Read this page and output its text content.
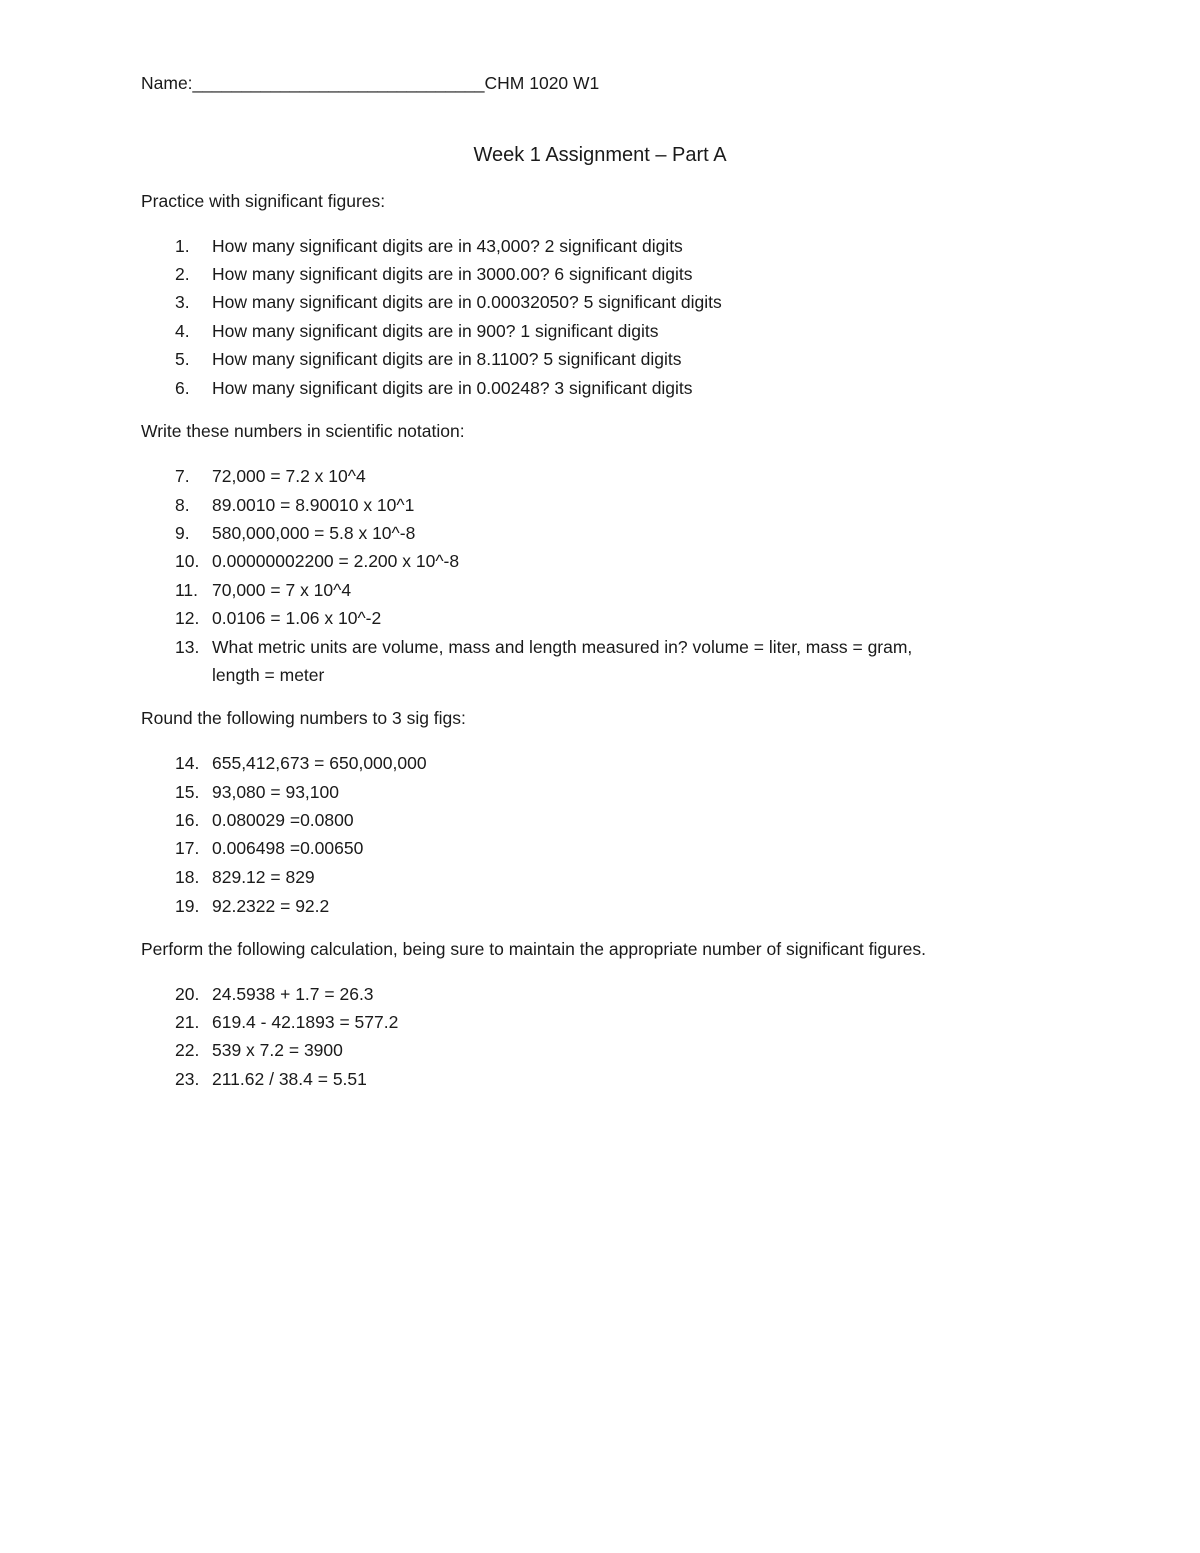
Name:______________________________CHM 1020 W1
Week 1 Assignment – Part A
Practice with significant figures:
1. How many significant digits are in 43,000? 2 significant digits
2. How many significant digits are in 3000.00? 6 significant digits
3. How many significant digits are in 0.00032050? 5 significant digits
4. How many significant digits are in 900? 1 significant digits
5. How many significant digits are in 8.1100? 5 significant digits
6. How many significant digits are in 0.00248? 3 significant digits
Write these numbers in scientific notation:
7. 72,000 = 7.2 x 10^4
8. 89.0010 = 8.90010 x 10^1
9. 580,000,000 = 5.8 x 10^-8
10. 0.00000002200 = 2.200 x 10^-8
11. 70,000 = 7 x 10^4
12. 0.0106 = 1.06 x 10^-2
13. What metric units are volume, mass and length measured in? volume = liter, mass = gram,
length = meter
Round the following numbers to 3 sig figs:
14. 655,412,673 = 650,000,000
15. 93,080 = 93,100
16. 0.080029 =0.0800
17. 0.006498 =0.00650
18. 829.12 = 829
19. 92.2322 = 92.2
Perform the following calculation, being sure to maintain the appropriate number of significant figures.
20. 24.5938 + 1.7 = 26.3
21. 619.4 - 42.1893 = 577.2
22. 539 x 7.2 = 3900
23. 211.62 / 38.4 = 5.51
